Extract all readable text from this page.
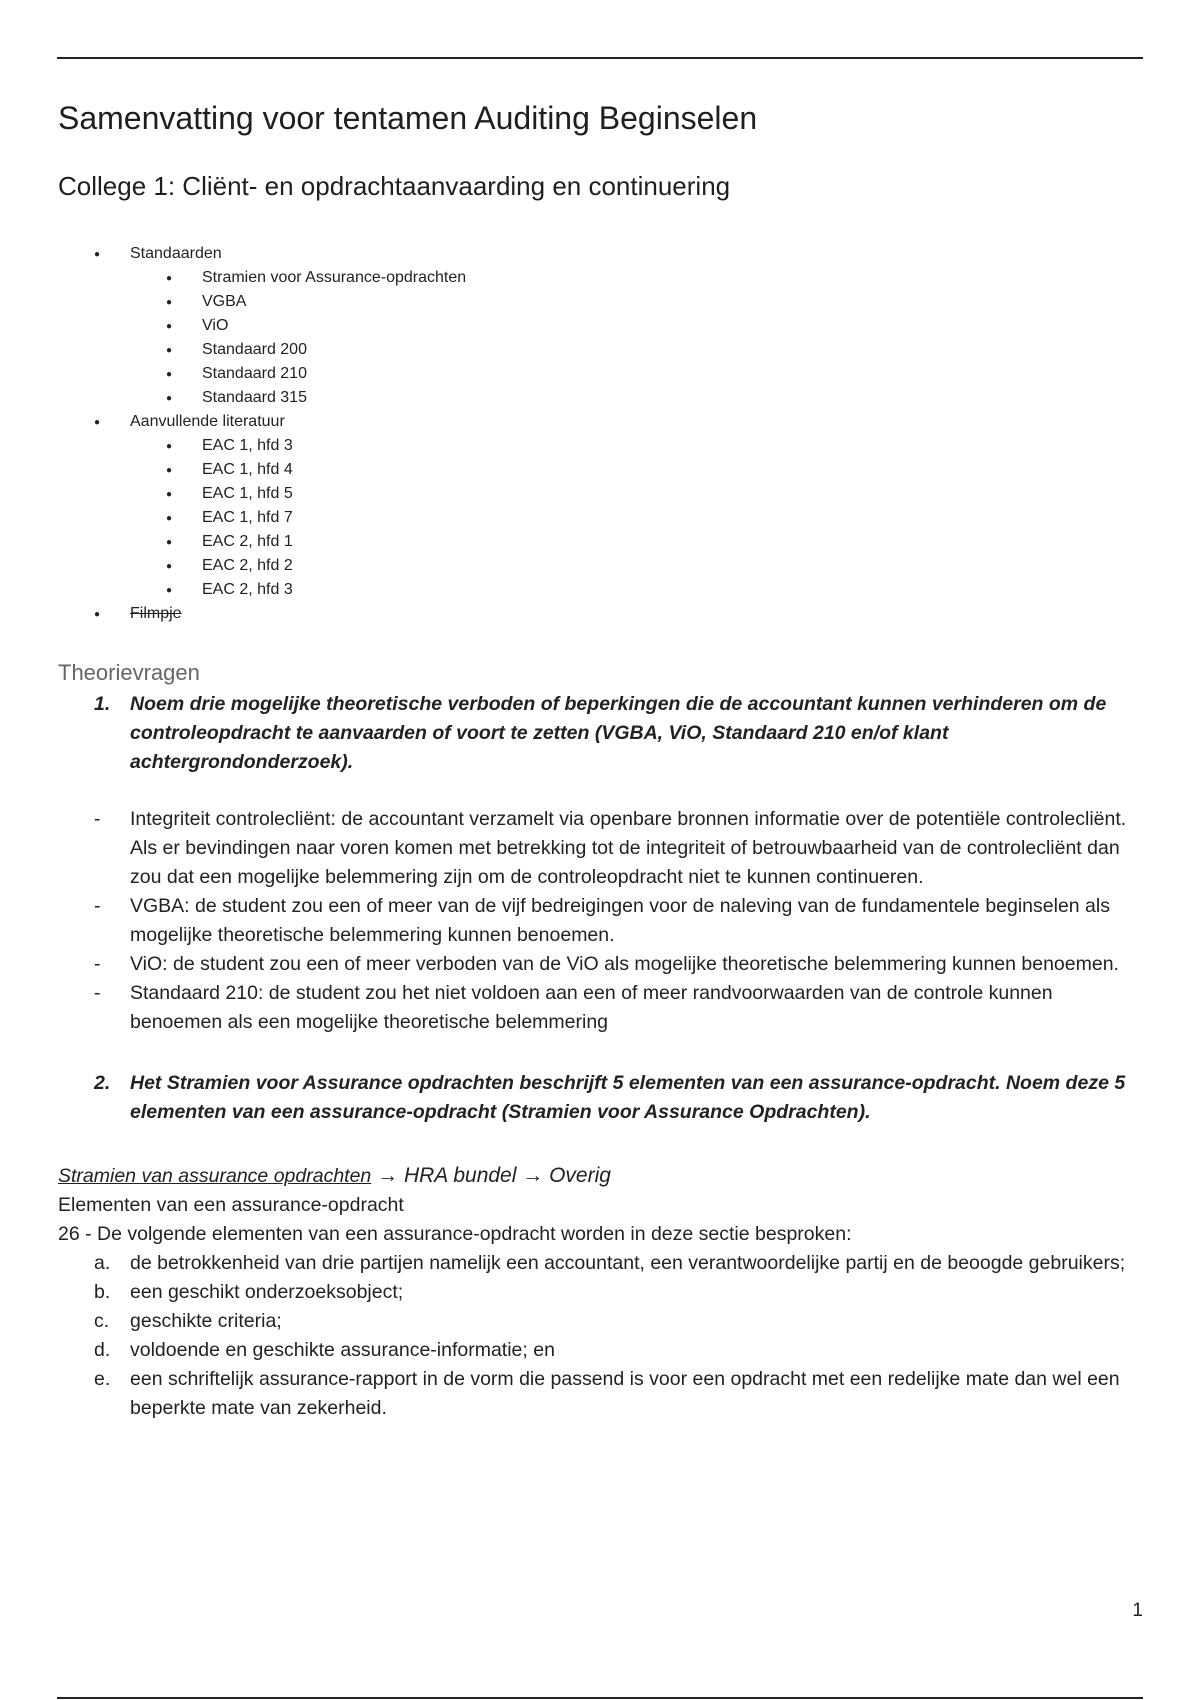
Samenvatting voor tentamen Auditing Beginselen
College 1: Cliënt- en opdrachtaanvaarding en continuering
● Standaarden
● Stramien voor Assurance-opdrachten
● VGBA
● ViO
● Standaard 200
● Standaard 210
● Standaard 315
● Aanvullende literatuur
● EAC 1, hfd 3
● EAC 1, hfd 4
● EAC 1, hfd 5
● EAC 1, hfd 7
● EAC 2, hfd 1
● EAC 2, hfd 2
● EAC 2, hfd 3
● Filmpje
Theorievragen

1. Noem drie mogelijke theoretische verboden of beperkingen die de accountant kunnen verhinderen om de controleopdracht te aanvaarden of voort te zetten (VGBA, ViO, Standaard 210 en/of klant achtergrondonderzoek).

- Integriteit controlecliënt: de accountant verzamelt via openbare bronnen informatie over de potentiële controlecliënt. Als er bevindingen naar voren komen met betrekking tot de integriteit of betrouwbaarheid van de controlecliënt dan zou dat een mogelijke belemmering zijn om de controleopdracht niet te kunnen continueren.
- VGBA: de student zou een of meer van de vijf bedreigingen voor de naleving van de fundamentele beginselen als mogelijke theoretische belemmering kunnen benoemen.
- ViO: de student zou een of meer verboden van de ViO als mogelijke theoretische belemmering kunnen benoemen.
- Standaard 210: de student zou het niet voldoen aan een of meer randvoorwaarden van de controle kunnen benoemen als een mogelijke theoretische belemmering

2. Het Stramien voor Assurance opdrachten beschrijft 5 elementen van een assurance-opdracht. Noem deze 5 elementen van een assurance-opdracht (Stramien voor Assurance Opdrachten).

Stramien van assurance opdrachten → HRA bundel → Overig
Elementen van een assurance-opdracht
26 - De volgende elementen van een assurance-opdracht worden in deze sectie besproken:
a. de betrokkenheid van drie partijen namelijk een accountant, een verantwoordelijke partij en de beoogde gebruikers;
b. een geschikt onderzoeksobject;
c. geschikte criteria;
d. voldoende en geschikte assurance-informatie; en
e. een schriftelijk assurance-rapport in de vorm die passend is voor een opdracht met een redelijke mate dan wel een beperkte mate van zekerheid.
1
